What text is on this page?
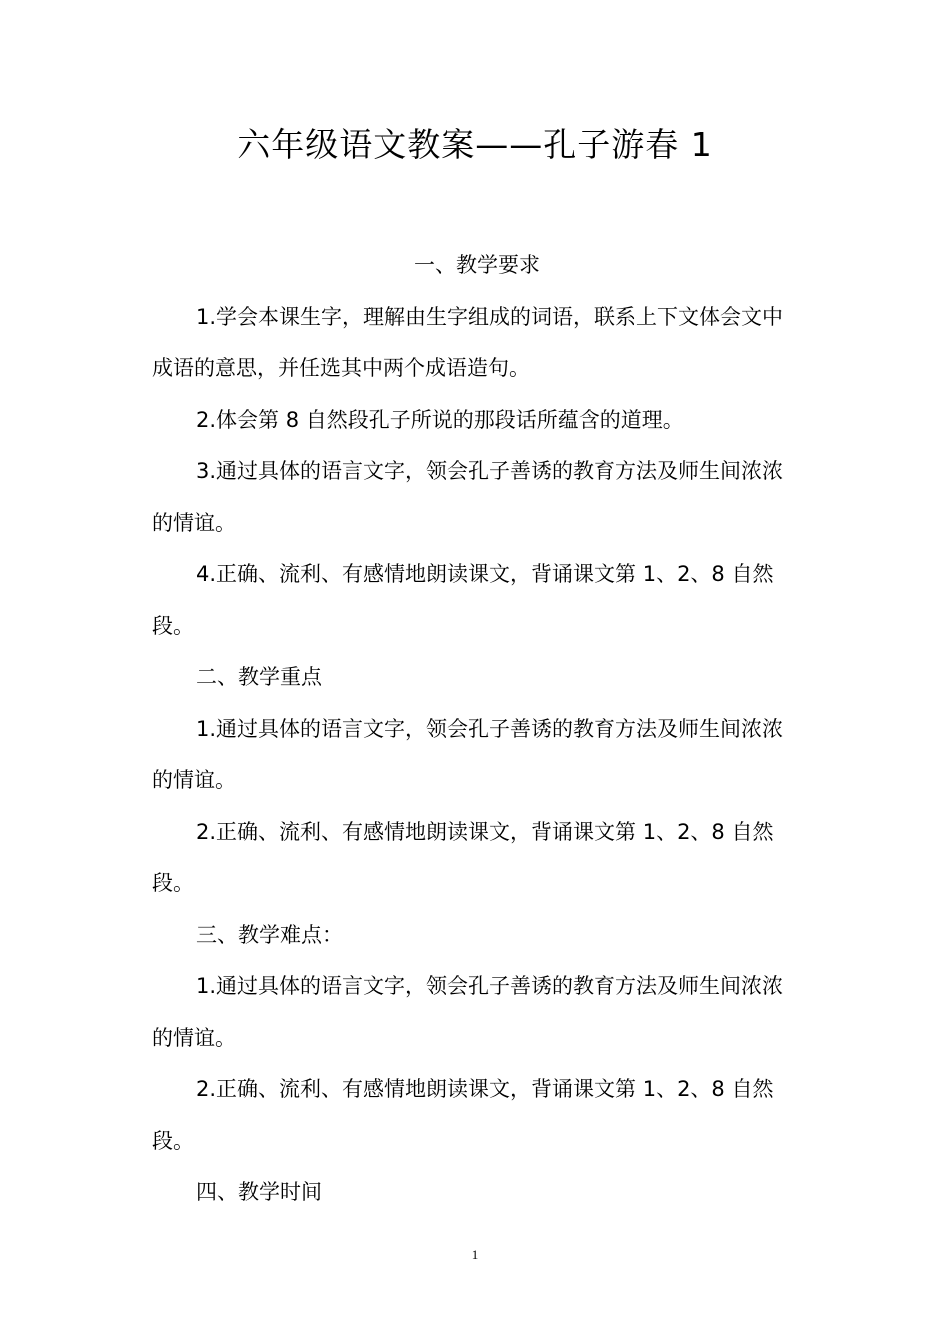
六年级语文教案——孔子游春 1

一、教学要求

1.学会本课生字，理解由生字组成的词语，联系上下文体会文中成语的意思，并任选其中两个成语造句。

2.体会第 8 自然段孔子所说的那段话所蕴含的道理。

3.通过具体的语言文字，领会孔子善诱的教育方法及师生间浓浓的情谊。

4.正确、流利、有感情地朗读课文，背诵课文第 1、2、8 自然段。

二、教学重点

1.通过具体的语言文字，领会孔子善诱的教育方法及师生间浓浓的情谊。

2.正确、流利、有感情地朗读课文，背诵课文第 1、2、8 自然段。

三、教学难点：

1.通过具体的语言文字，领会孔子善诱的教育方法及师生间浓浓的情谊。

2.正确、流利、有感情地朗读课文，背诵课文第 1、2、8 自然段。

四、教学时间

1
